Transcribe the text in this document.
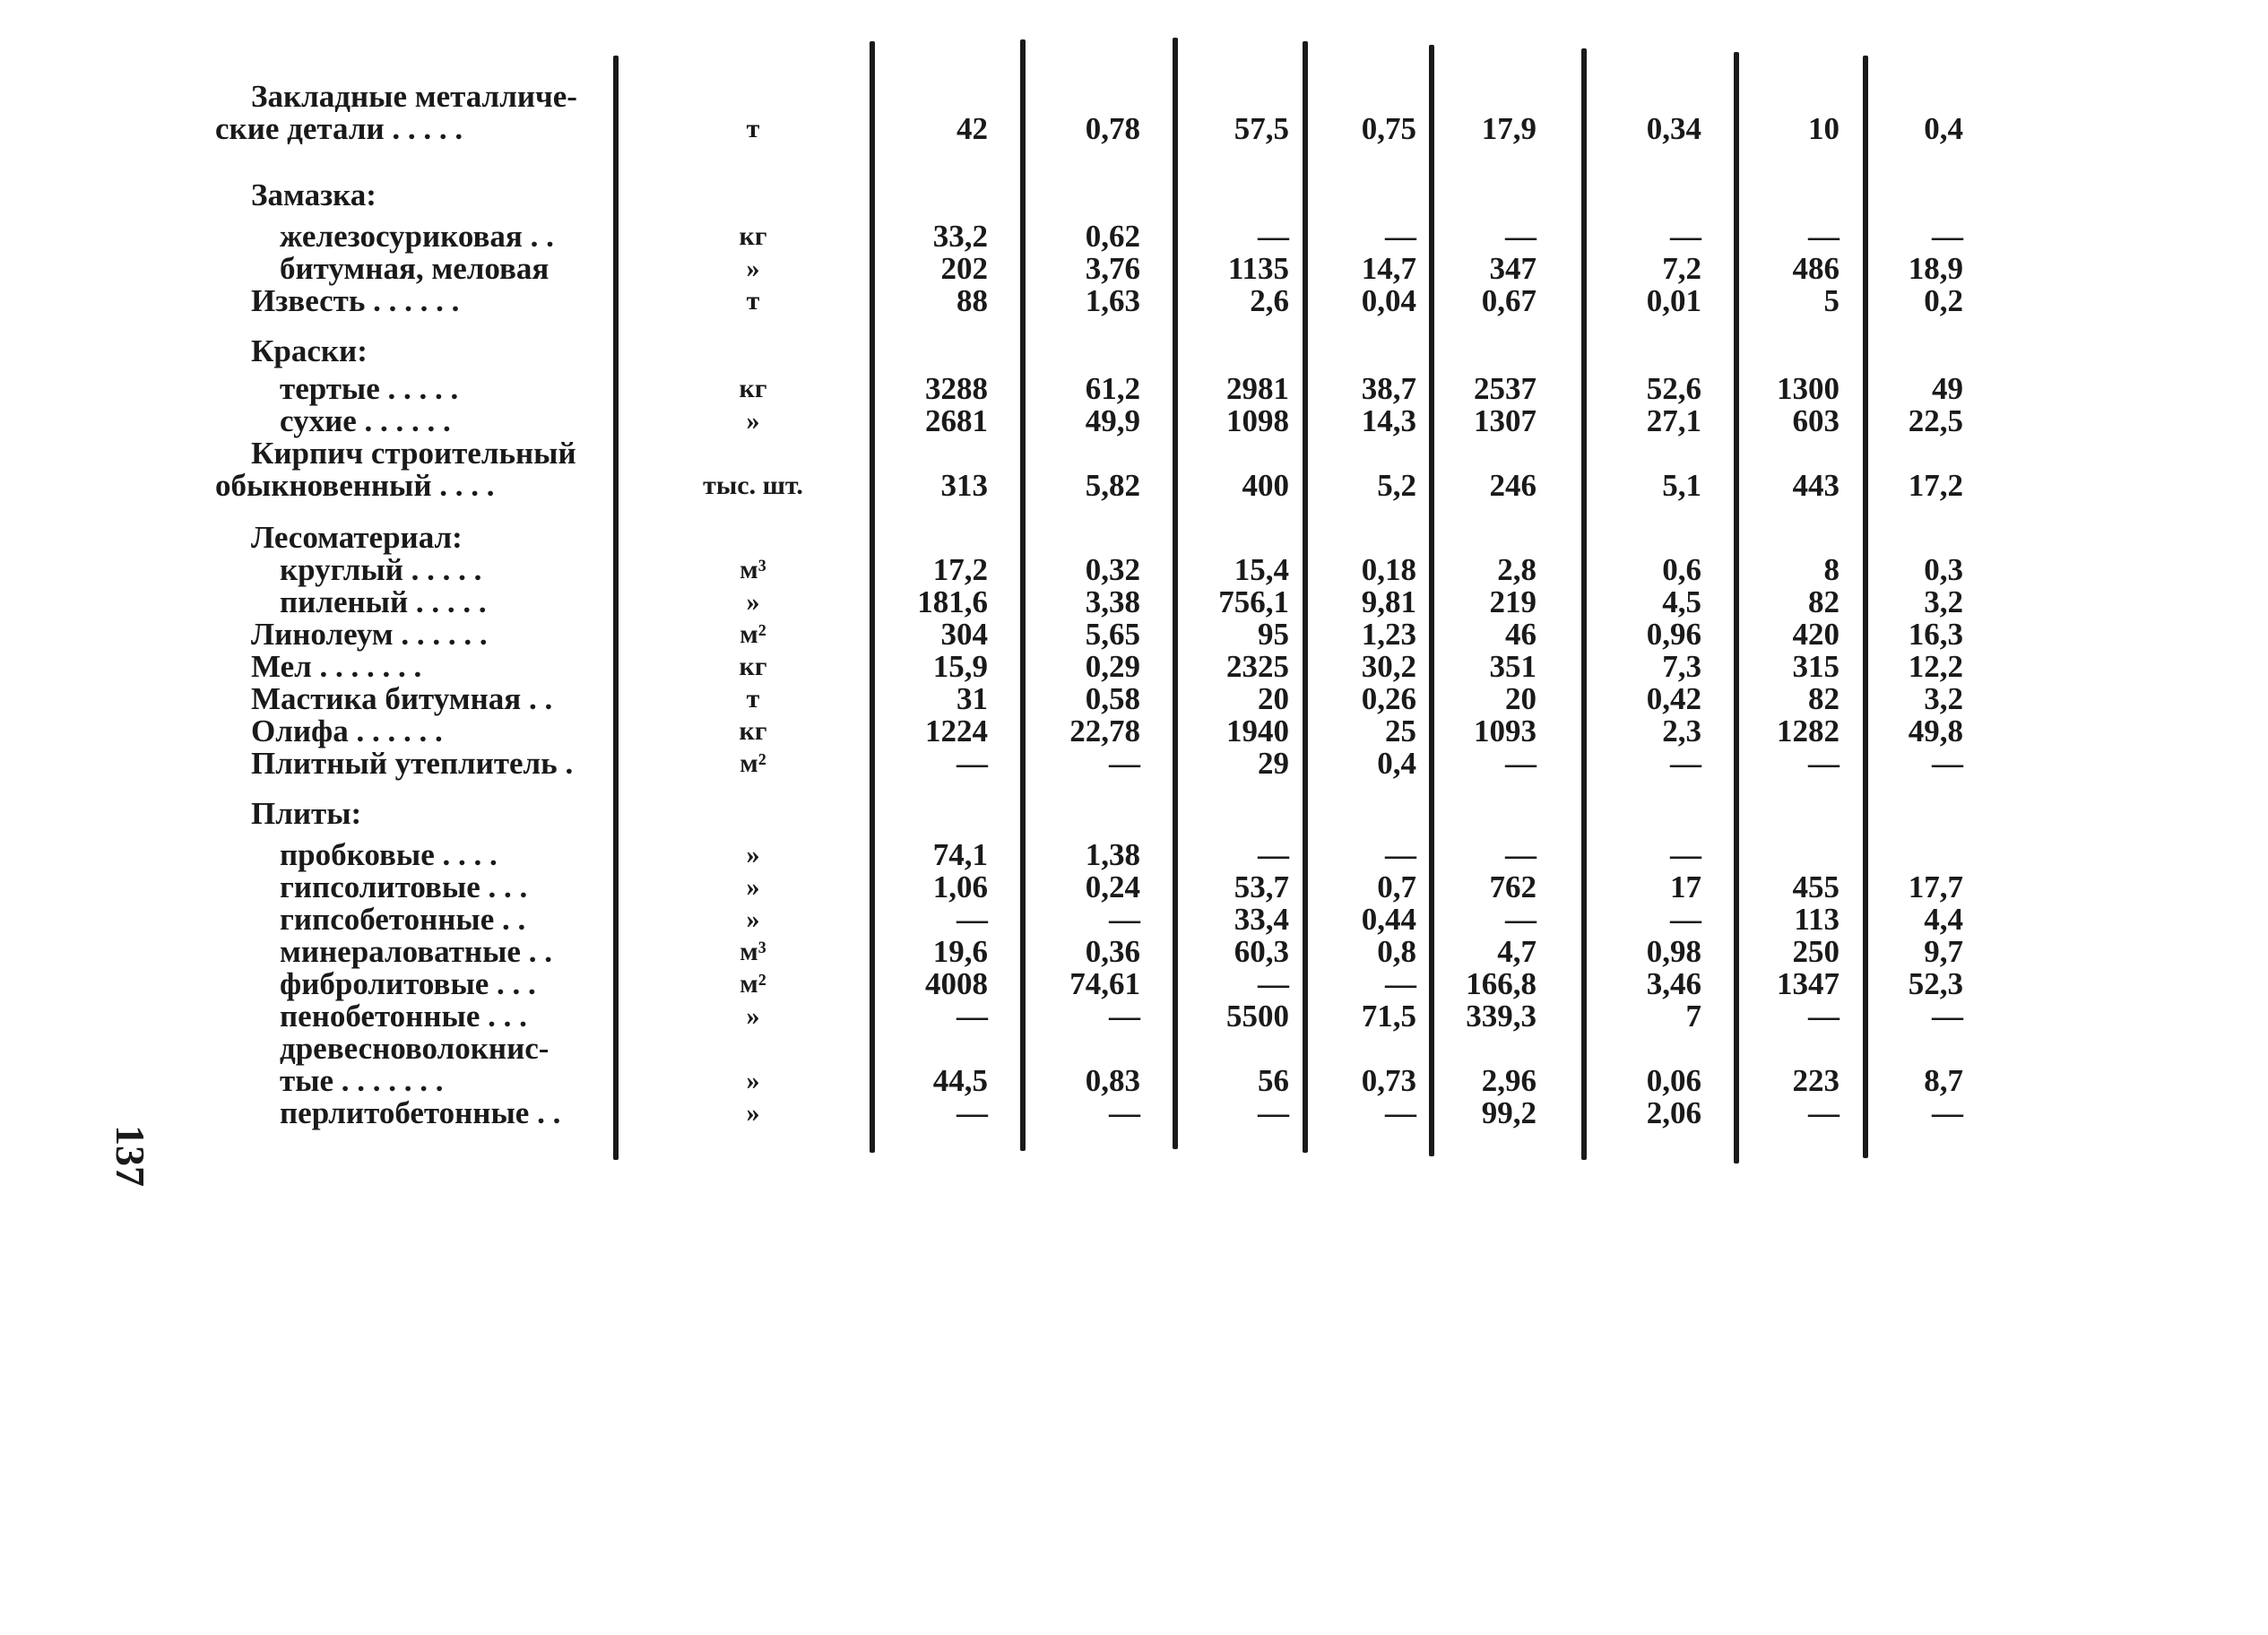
Закладные металличе-
ские детали . . . . .	т	42	0,78	57,5	0,75	17,9	0,34	10	0,4
Замазка:
железосуриковая . .	кг	33,2	0,62	—	—	—	—	—	—
битумная, меловая	»	202	3,76	1135	14,7	347	7,2	486	18,9
Известь . . . . . .	т	88	1,63	2,6	0,04	0,67	0,01	5	0,2
Краски:
тертые . . . . .	кг	3288	61,2	2981	38,7	2537	52,6	1300	49
сухие . . . . . .	»	2681	49,9	1098	14,3	1307	27,1	603	22,5
Кирпич строительный
обыкновенный . . . .	тыс. шт.	313	5,82	400	5,2	246	5,1	443	17,2
Лесоматериал:
круглый . . . . .	м³	17,2	0,32	15,4	0,18	2,8	0,6	8	0,3
пиленый . . . . .	»	181,6	3,38	756,1	9,81	219	4,5	82	3,2
Линолеум . . . . . .	м²	304	5,65	95	1,23	46	0,96	420	16,3
Мел . . . . . . .	кг	15,9	0,29	2325	30,2	351	7,3	315	12,2
Мастика битумная . .	т	31	0,58	20	0,26	20	0,42	82	3,2
Олифа . . . . . .	кг	1224	22,78	1940	25	1093	2,3	1282	49,8
Плитный утеплитель .	м²	—	—	29	0,4	—	—	—	—
Плиты:
пробковые . . . .	»	74,1	1,38	—	—	—	—
гипсолитовые . . .	»	1,06	0,24	53,7	0,7	762	17	455	17,7
гипсобетонные . .	»	—	—	33,4	0,44	—	—	113	4,4
минераловатные . .	м³	19,6	0,36	60,3	0,8	4,7	0,98	250	9,7
фибролитовые . . .	м²	4008	74,61	—	—	166,8	3,46	1347	52,3
пенобетонные . . .	»	—	—	5500	71,5	339,3	7	—	—
древесноволокнис-
тые . . . . . . .	»	44,5	0,83	56	0,73	2,96	0,06	223	8,7
перлитобетонные . .	»	—	—	—	—	99,2	2,06	—	—
137
